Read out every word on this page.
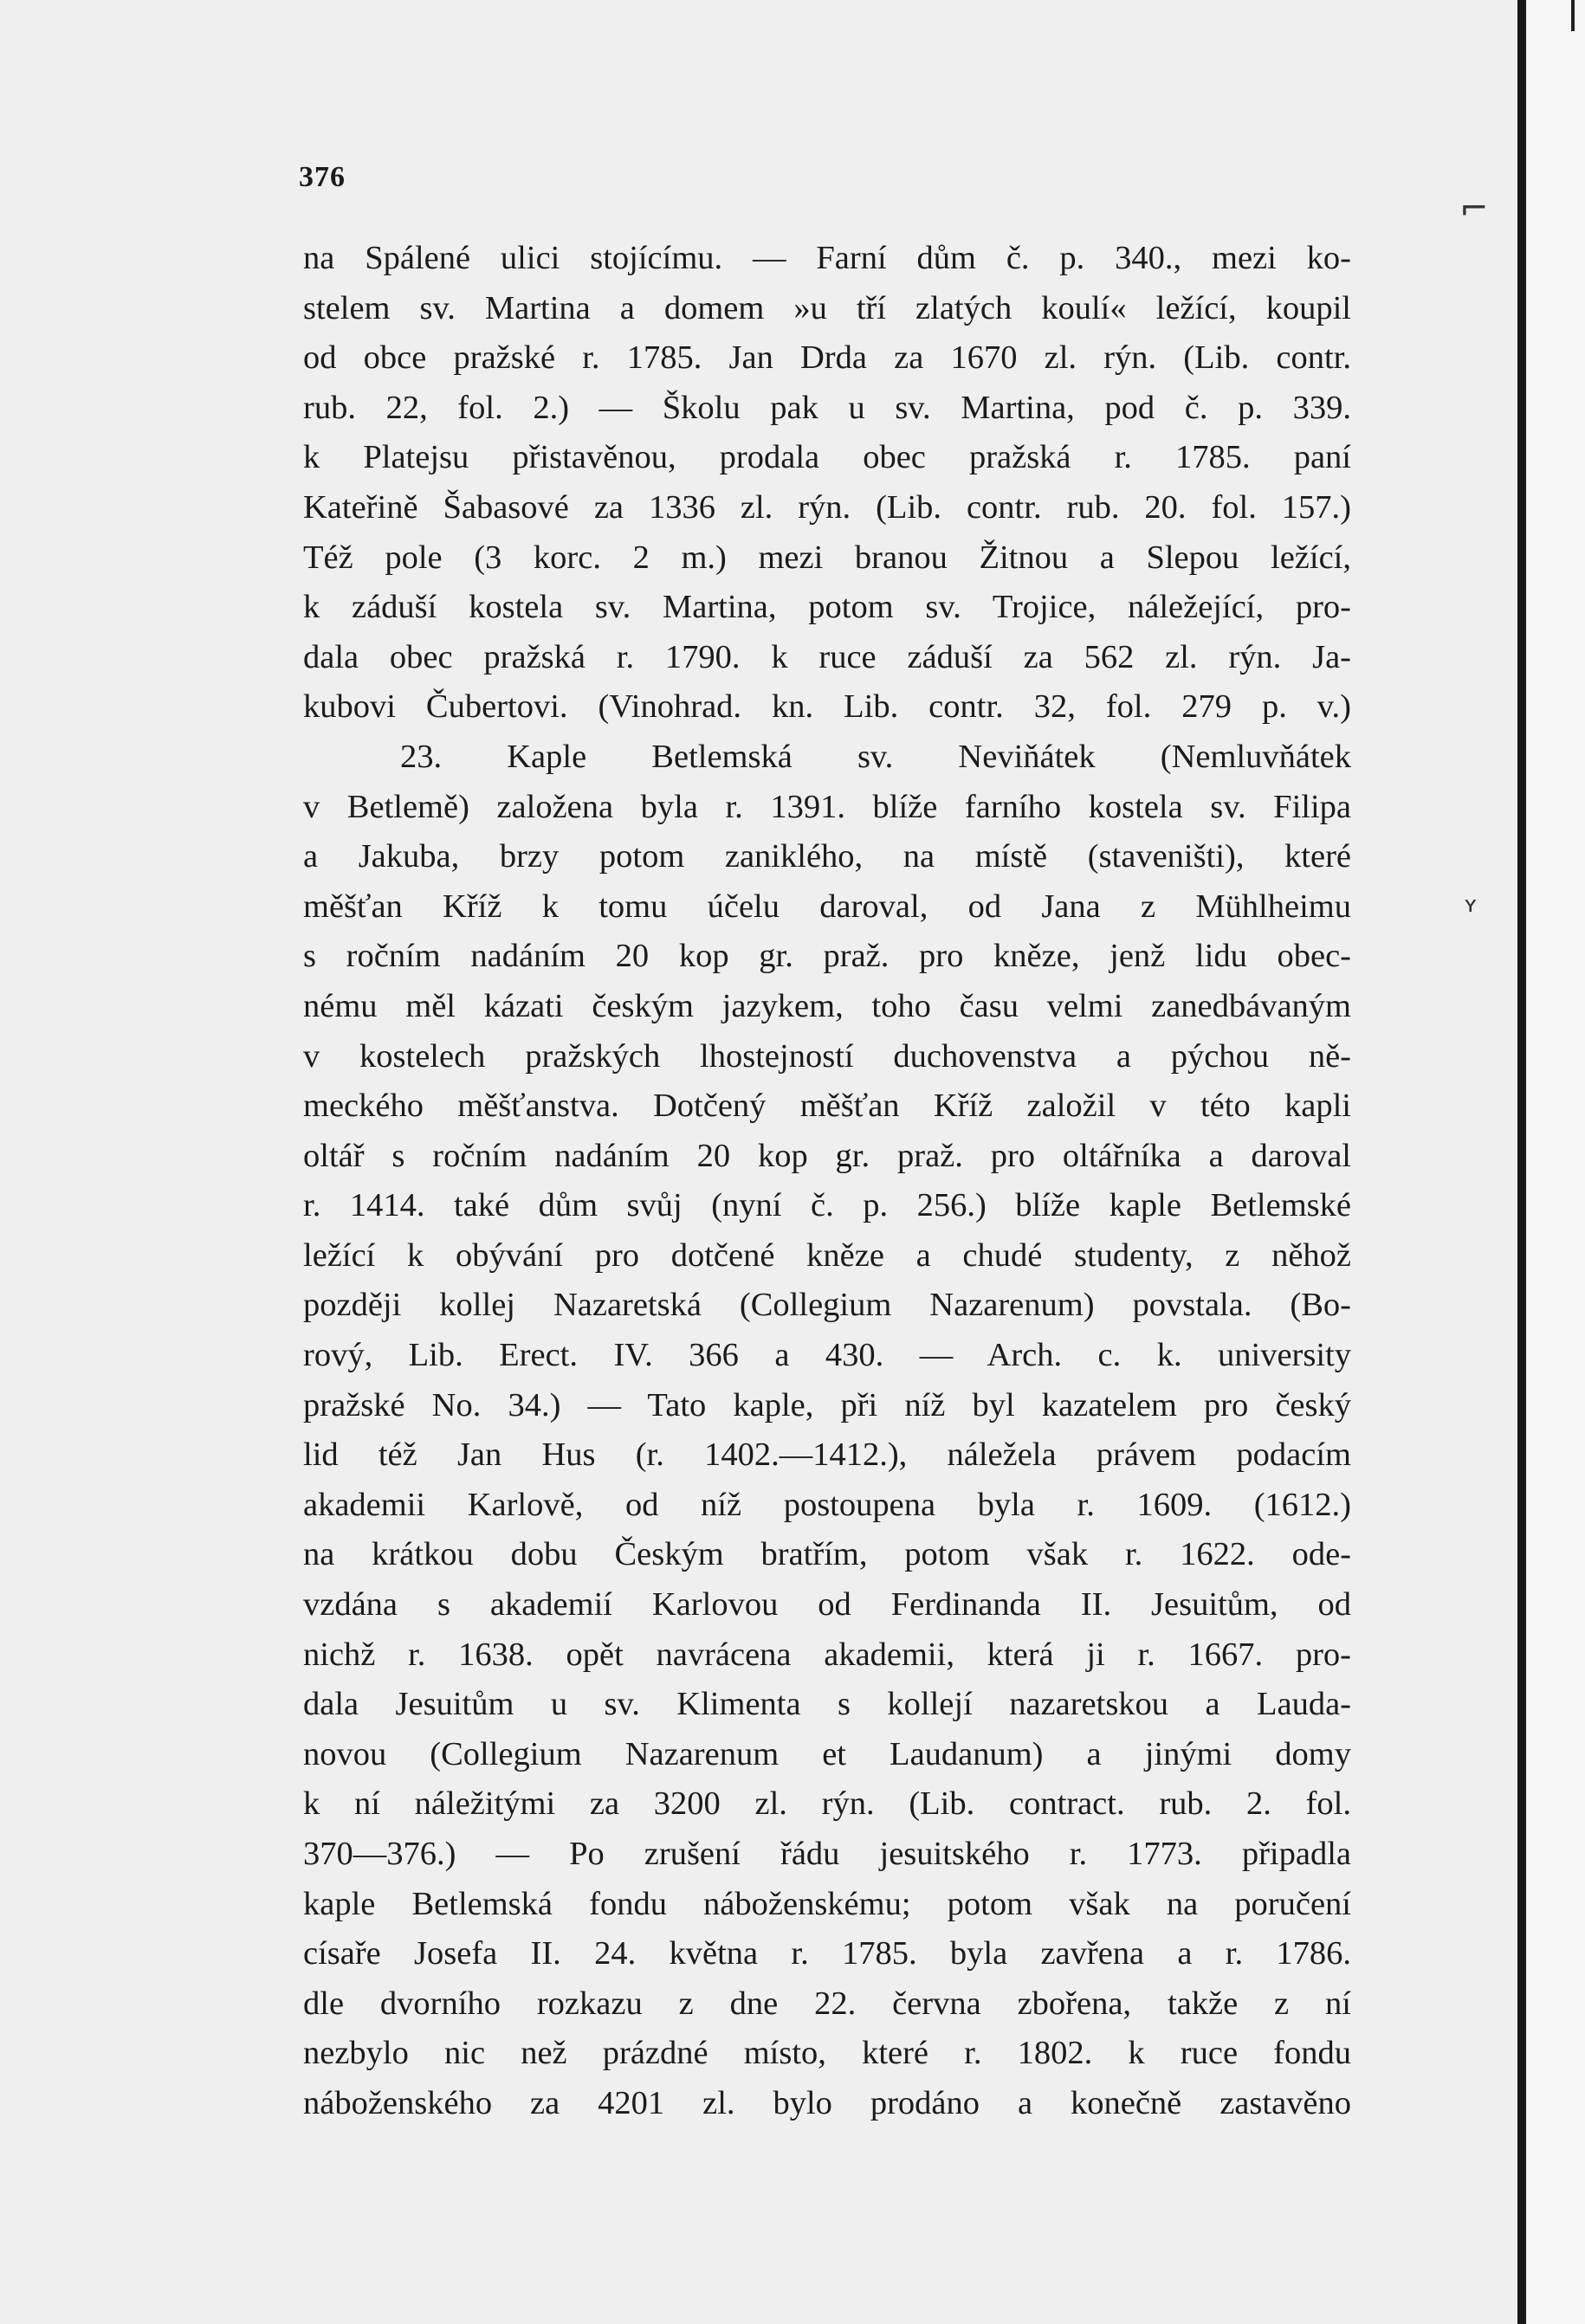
376
na Spálené ulici stojícímu. — Farní dům č. p. 340., mezi ko-
stelem sv. Martina a domem »u tří zlatých koulí« ležící, koupil
od obce pražské r. 1785. Jan Drda za 1670 zl. rýn. (Lib. contr.
rub. 22, fol. 2.) — Školu pak u sv. Martina, pod č. p. 339.
k Platejsu přistavěnou, prodala obec pražská r. 1785. paní
Kateřině Šabasové za 1336 zl. rýn. (Lib. contr. rub. 20. fol. 157.)
Též pole (3 korc. 2 m.) mezi branou Žitnou a Slepou ležící,
k záduší kostela sv. Martina, potom sv. Trojice, náležející, pro-
dala obec pražská r. 1790. k ruce záduší za 562 zl. rýn. Ja-
kubovi Čubertovi. (Vinohrad. kn. Lib. contr. 32, fol. 279 p. v.)
23. Kaple Betlemská sv. Neviňátek (Nemluvňátek
v Betlemě) založena byla r. 1391. blíže farního kostela sv. Filipa
a Jakuba, brzy potom zaniklého, na místě (staveništi), které
měšťan Kříž k tomu účelu daroval, od Jana z Mühlheimu
s ročním nadáním 20 kop gr. praž. pro kněze, jenž lidu obec-
nému měl kázati českým jazykem, toho času velmi zanedbávaným
v kostelech pražských lhostejností duchovenstva a pýchou ně-
meckého měšťanstva. Dotčený měšťan Kříž založil v této kapli
oltář s ročním nadáním 20 kop gr. praž. pro oltářníka a daroval
r. 1414. také dům svůj (nyní č. p. 256.) blíže kaple Betlemské
ležící k obývání pro dotčené kněze a chudé studenty, z něhož
později kollej Nazaretská (Collegium Nazarenum) povstala. (Bo-
rový, Lib. Erect. IV. 366 a 430. — Arch. c. k. university
pražské No. 34.) — Tato kaple, při níž byl kazatelem pro český
lid též Jan Hus (r. 1402.—1412.), náležela právem podacím
akademii Karlově, od níž postoupena byla r. 1609. (1612.)
na krátkou dobu Českým bratřím, potom však r. 1622. ode-
vzdána s akademií Karlovou od Ferdinanda II. Jesuitům, od
nichž r. 1638. opět navrácena akademii, která ji r. 1667. pro-
dala Jesuitům u sv. Klimenta s kollejí nazaretskou a Lauda-
novou (Collegium Nazarenum et Laudanum) a jinými domy
k ní náležitými za 3200 zl. rýn. (Lib. contract. rub. 2. fol.
370—376.) — Po zrušení řádu jesuitského r. 1773. připadla
kaple Betlemská fondu náboženskému; potom však na poručení
císaře Josefa II. 24. května r. 1785. byla zavřena a r. 1786.
dle dvorního rozkazu z dne 22. června zbořena, takže z ní
nezbylo nic než prázdné místo, které r. 1802. k ruce fondu
náboženského za 4201 zl. bylo prodáno a konečně zastavěno
⌐
ʏ
